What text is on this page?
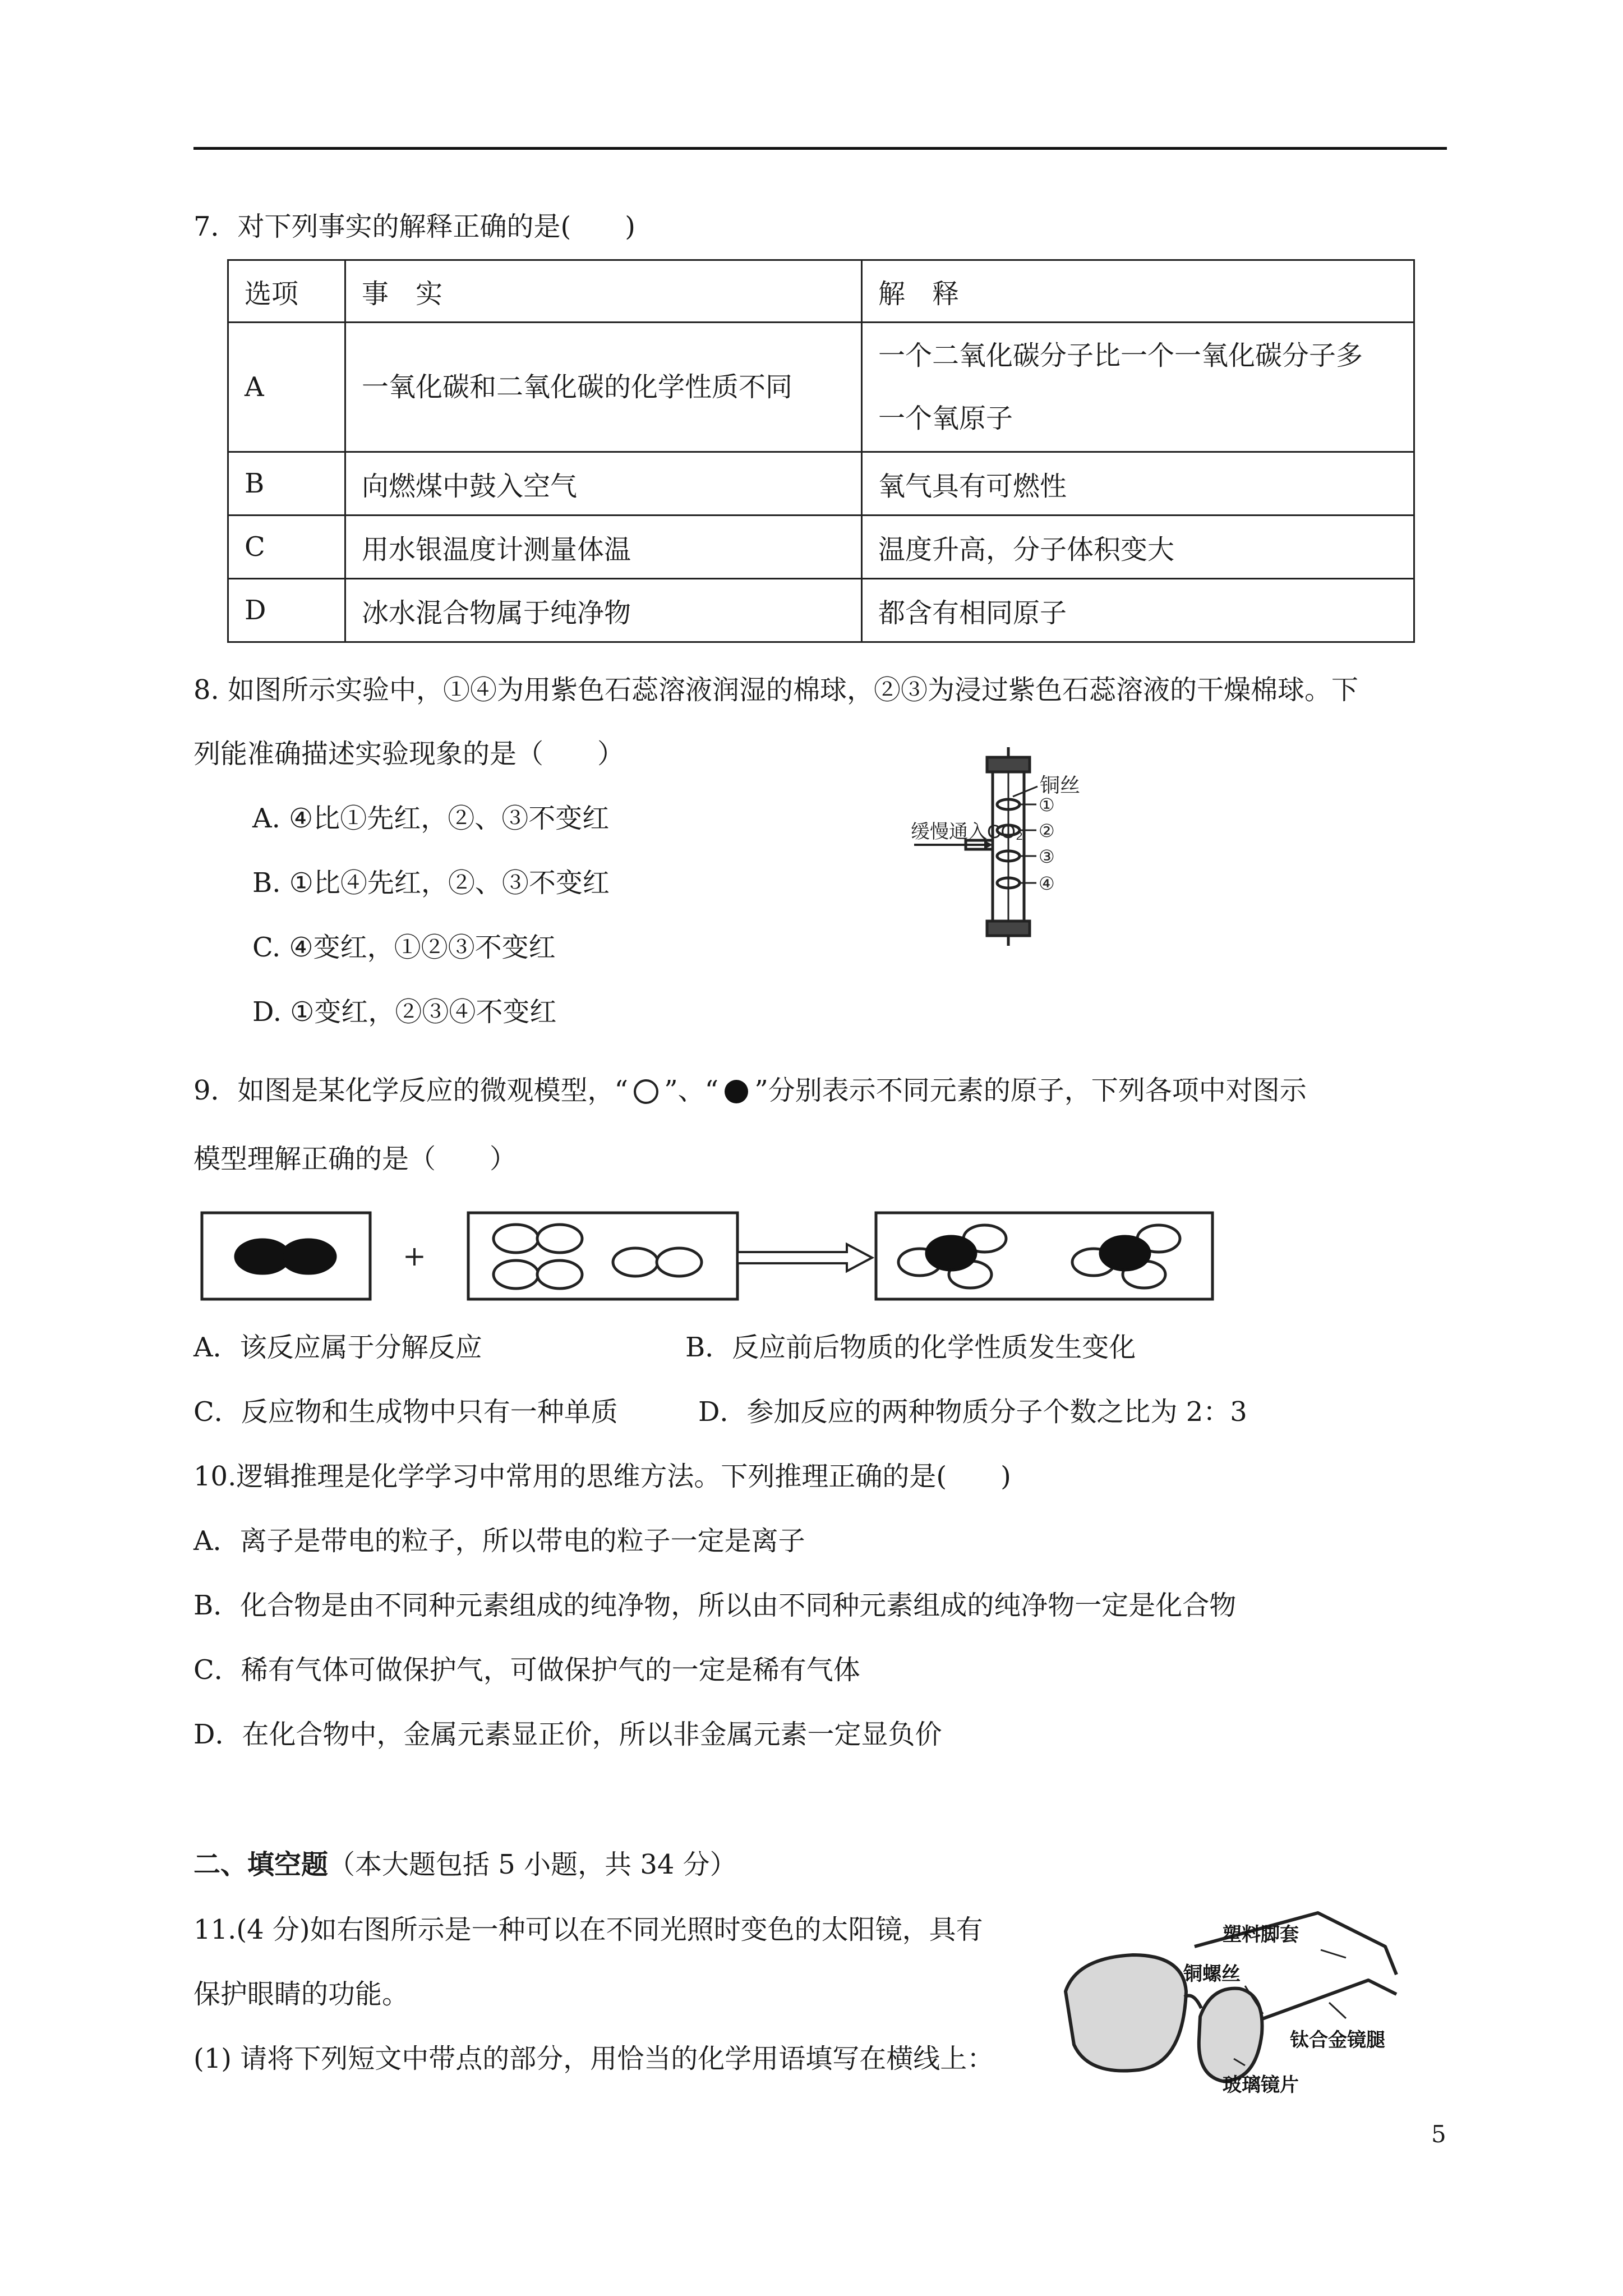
7．对下列事实的解释正确的是(　　)
选项	事　实	解　释
A	一氧化碳和二氧化碳的化学性质不同	一个二氧化碳分子比一个一氧化碳分子多
一个氧原子

B	向燃煤中鼓入空气	氧气具有可燃性
C	用水银温度计测量体温	温度升高，分子体积变大
D	冰水混合物属于纯净物	都含有相同原子
8. 如图所示实验中，①④为用紫色石蕊溶液润湿的棉球，②③为浸过紫色石蕊溶液的干燥棉球。下
列能准确描述实验现象的是（　　）
A. ④比①先红，②、③不变红
B. ①比④先红，②、③不变红
C. ④变红，①②③不变红
D. ①变红，②③④不变红
缓慢通入CO₂
铜丝
①
②
③
④
9．如图是某化学反应的微观模型，“ ”、“ ”分别表示不同元素的原子，下列各项中对图示
模型理解正确的是（　　）
+
A．该反应属于分解反应	B．反应前后物质的化学性质发生变化
C．反应物和生成物中只有一种单质	D．参加反应的两种物质分子个数之比为 2：3
10.逻辑推理是化学学习中常用的思维方法。下列推理正确的是(　　)
A．离子是带电的粒子，所以带电的粒子一定是离子
B．化合物是由不同种元素组成的纯净物，所以由不同种元素组成的纯净物一定是化合物
C．稀有气体可做保护气，可做保护气的一定是稀有气体
D．在化合物中，金属元素显正价，所以非金属元素一定显负价
二、填空题（本大题包括 5 小题，共 34 分）
11.(4 分)如右图所示是一种可以在不同光照时变色的太阳镜，具有
保护眼睛的功能。
(1) 请将下列短文中带点的部分，用恰当的化学用语填写在横线上：
塑料脚套
铜螺丝
钛合金镜腿
玻璃镜片
5
